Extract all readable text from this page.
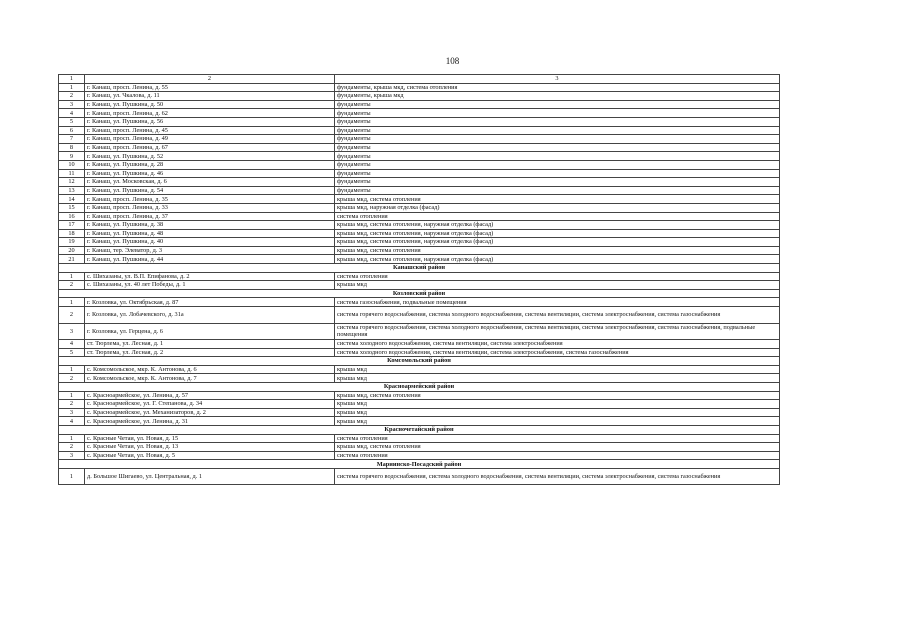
108
1	2	3
1	г. Канаш, просп. Ленина, д. 55	фундаменты, крыша мкд, система отопления
2	г. Канаш, ул. Чкалова, д. 11	фундаменты, крыша мкд
3	г. Канаш, ул. Пушкина, д. 50	фундаменты
4	г. Канаш, просп. Ленина, д. 62	фундаменты
5	г. Канаш, ул. Пушкина, д. 56	фундаменты
6	г. Канаш, просп. Ленина, д. 45	фундаменты
7	г. Канаш, просп. Ленина, д. 49	фундаменты
8	г. Канаш, просп. Ленина, д. 67	фундаменты
9	г. Канаш, ул. Пушкина, д. 52	фундаменты
10	г. Канаш, ул. Пушкина, д. 28	фундаменты
11	г. Канаш, ул. Пушкина, д. 46	фундаменты
12	г. Канаш, ул. Московская, д. 6	фундаменты
13	г. Канаш, ул. Пушкина, д. 54	фундаменты
14	г. Канаш, просп. Ленина, д. 35	крыша мкд, система отопления
15	г. Канаш, просп. Ленина, д. 33	крыша мкд, наружная отделка (фасад)
16	г. Канаш, просп. Ленина, д. 37	система отопления
17	г. Канаш, ул. Пушкина, д. 38	крыша мкд, система отопления, наружная отделка (фасад)
18	г. Канаш, ул. Пушкина, д. 48	крыша мкд, система отопления, наружная отделка (фасад)
19	г. Канаш, ул. Пушкина, д. 40	крыша мкд, система отопления, наружная отделка (фасад)
20	г. Канаш, тер. Элеватор, д. 3	крыша мкд, система отопления
21	г. Канаш, ул. Пушкина, д. 44	крыша мкд, система отопления, наружная отделка (фасад)
Канашский район		
1	с. Шихазаны, ул. В.П. Епифанова, д. 2	система отопления
2	с. Шихазаны, ул. 40 лет Победы, д. 1	крыша мкд
Козловский район		
1	г. Козловка, ул. Октябрьская, д. 87	система газоснабжения, подвальные помещения
2	г. Козловка, ул. Лобачевского, д. 31а	система горячего водоснабжения, система холодного водоснабжения, система вентиляции, система электроснабжения, система газоснабжения
3	г. Козловка, ул. Герцена, д. 6	система горячего водоснабжения, система холодного водоснабжения, система вентиляции, система электроснабжения, система газоснабжения, подвальные помещения
4	ст. Тюрлема, ул. Лесная, д. 1	система холодного водоснабжения, система вентиляции, система электроснабжения
5	ст. Тюрлема, ул. Лесная, д. 2	система холодного водоснабжения, система вентиляции, система электроснабжения, система газоснабжения
Комсомольский район		
1	с. Комсомольское, мкр. К. Антонова, д. 6	крыша мкд
2	с. Комсомольское, мкр. К. Антонова, д. 7	крыша мкд
Красноармейский район		
1	с. Красноармейское, ул. Ленина, д. 57	крыша мкд, система отопления
2	с. Красноармейское, ул. Г. Степанова, д. 34	крыша мкд
3	с. Красноармейское, ул. Механизаторов, д. 2	крыша мкд
4	с. Красноармейское, ул. Ленина, д. 31	крыша мкд
Красночетайский район		
1	с. Красные Четаи, ул. Новая, д. 15	система отопления
2	с. Красные Четаи, ул. Новая, д. 13	крыша мкд, система отопления
3	с. Красные Четаи, ул. Новая, д. 5	система отопления
Мариинско-Посадский район		
1	д. Большое Шигаево, ул. Центральная, д. 1	система горячего водоснабжения, система холодного водоснабжения, система вентиляции, система электроснабжения, система газоснабжения
